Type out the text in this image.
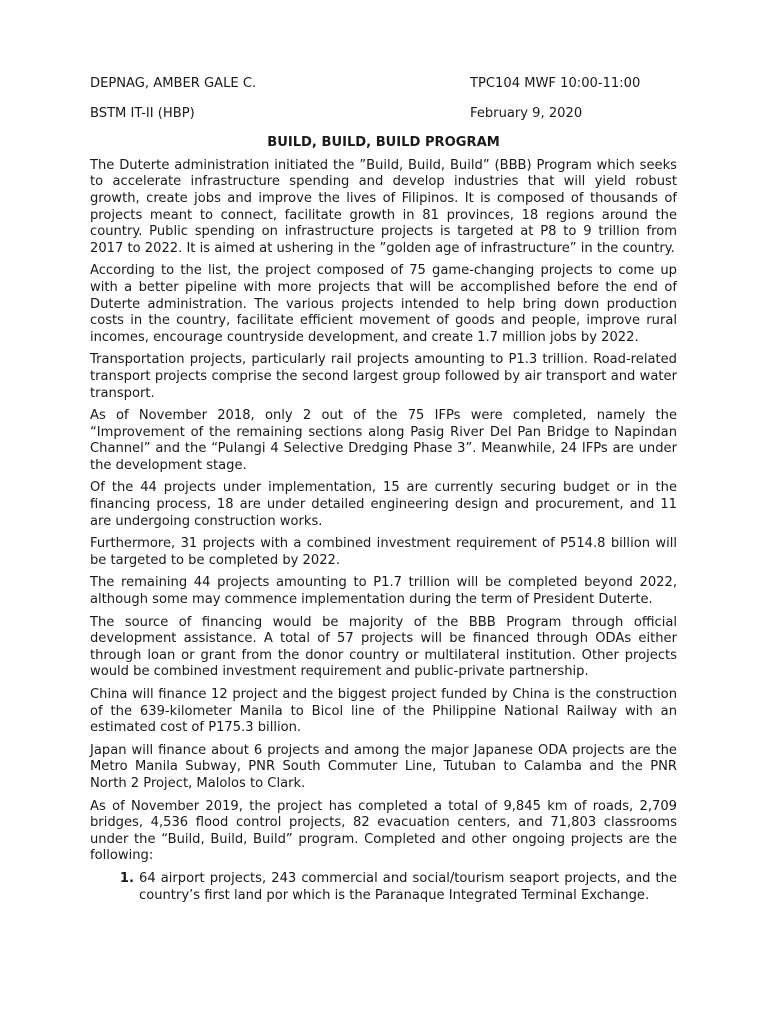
DEPNAG, AMBER GALE C.	TPC104 MWF 10:00-11:00
BSTM IT-II (HBP)	February 9, 2020
BUILD, BUILD, BUILD PROGRAM

The Duterte administration initiated the ”Build, Build, Build” (BBB) Program which seeks to accelerate infrastructure spending and develop industries that will yield robust growth, create jobs and improve the lives of Filipinos. It is composed of thousands of projects meant to connect, facilitate growth in 81 provinces, 18 regions around the country. Public spending on infrastructure projects is targeted at P8 to 9 trillion from 2017 to 2022. It is aimed at ushering in the ”golden age of infrastructure” in the country.

According to the list, the project composed of 75 game-changing projects to come up with a better pipeline with more projects that will be accomplished before the end of Duterte administration. The various projects intended to help bring down production costs in the country, facilitate efficient movement of goods and people, improve rural incomes, encourage countryside development, and create 1.7 million jobs by 2022.

Transportation projects, particularly rail projects amounting to P1.3 trillion. Road-related transport projects comprise the second largest group followed by air transport and water transport.

As of November 2018, only 2 out of the 75 IFPs were completed, namely the “Improvement of the remaining sections along Pasig River Del Pan Bridge to Napindan Channel” and the “Pulangi 4 Selective Dredging Phase 3”. Meanwhile, 24 IFPs are under the development stage.

Of the 44 projects under implementation, 15 are currently securing budget or in the financing process, 18 are under detailed engineering design and procurement, and 11 are undergoing construction works.

Furthermore, 31 projects with a combined investment requirement of P514.8 billion will be targeted to be completed by 2022.

The remaining 44 projects amounting to P1.7 trillion will be completed beyond 2022, although some may commence implementation during the term of President Duterte.

The source of financing would be majority of the BBB Program through official development assistance. A total of 57 projects will be financed through ODAs either through loan or grant from the donor country or multilateral institution. Other projects would be combined investment requirement and public-private partnership.

China will finance 12 project and the biggest project funded by China is the construction of the 639-kilometer Manila to Bicol line of the Philippine National Railway with an estimated cost of P175.3 billion.

Japan will finance about 6 projects and among the major Japanese ODA projects are the Metro Manila Subway, PNR South Commuter Line, Tutuban to Calamba and the PNR North 2 Project, Malolos to Clark.

As of November 2019, the project has completed a total of 9,845 km of roads, 2,709 bridges, 4,536 flood control projects, 82 evacuation centers, and 71,803 classrooms under the “Build, Build, Build” program. Completed and other ongoing projects are the following:

1. 64 airport projects, 243 commercial and social/tourism seaport projects, and the country’s first land por which is the Paranaque Integrated Terminal Exchange.
